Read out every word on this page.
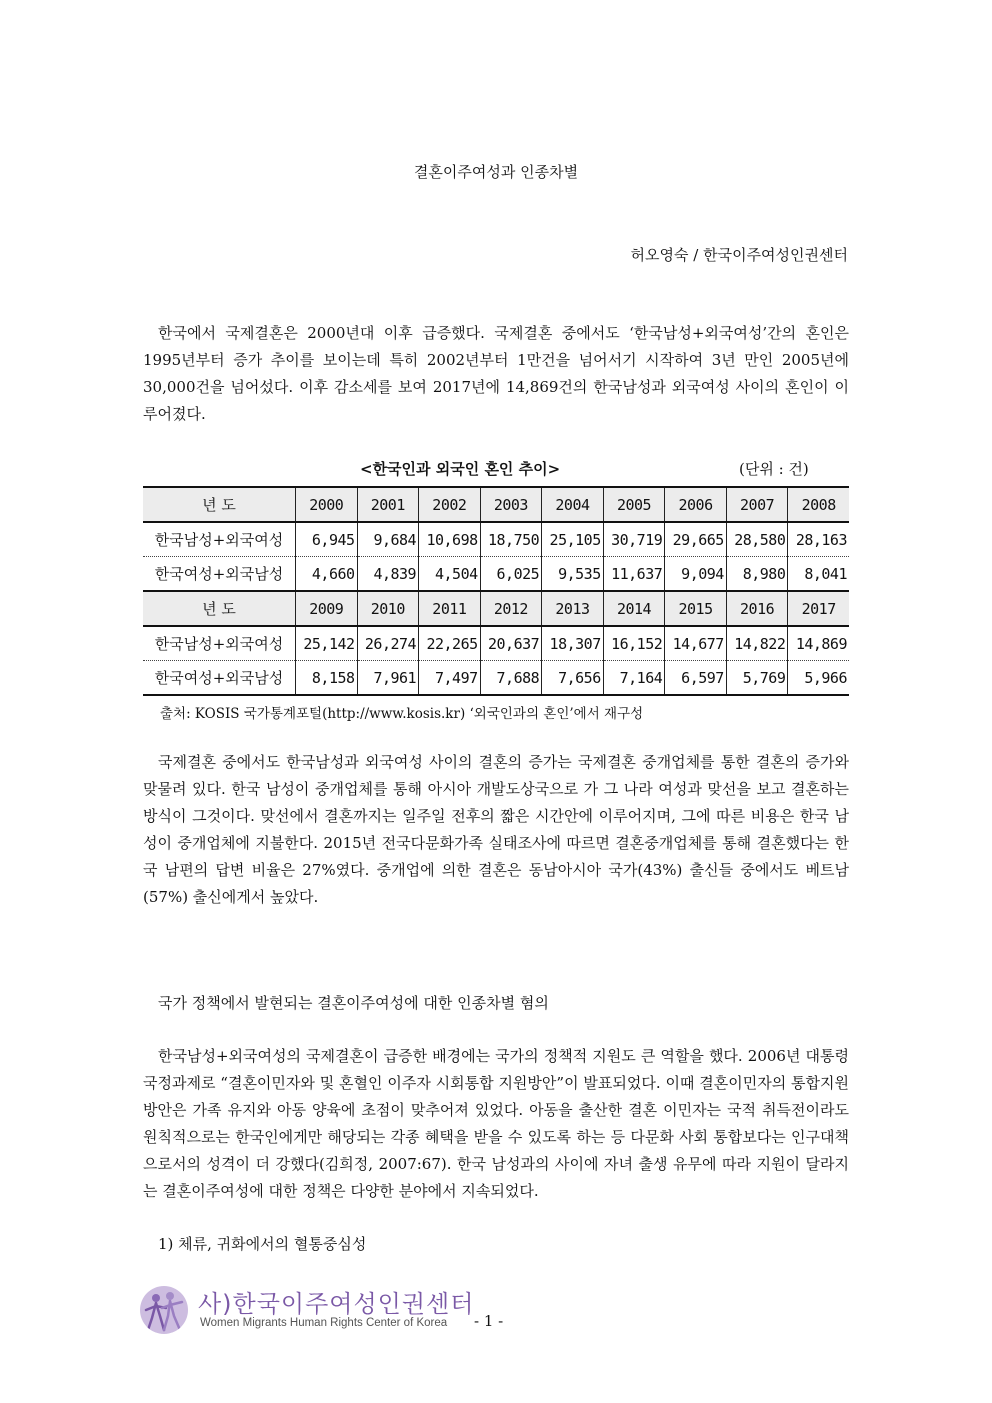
결혼이주여성과 인종차별
허오영숙 / 한국이주여성인권센터

한국에서 국제결혼은 2000년대 이후 급증했다. 국제결혼 중에서도 ‘한국남성+외국여성’간의 혼인은 1995년부터 증가 추이를 보이는데 특히 2002년부터 1만건을 넘어서기 시작하여 3년 만인 2005년에 30,000건을 넘어섰다. 이후 감소세를 보여 2017년에 14,869건의 한국남성과 외국여성 사이의 혼인이 이루어졌다.

<한국인과 외국인 혼인 추이>	(단위 : 건)
년 도	2000	2001	2002	2003	2004	2005	2006	2007	2008
한국남성+외국여성	6,945	9,684	10,698	18,750	25,105	30,719	29,665	28,580	28,163
한국여성+외국남성	4,660	4,839	4,504	6,025	9,535	11,637	9,094	8,980	8,041
년 도	2009	2010	2011	2012	2013	2014	2015	2016	2017
한국남성+외국여성	25,142	26,274	22,265	20,637	18,307	16,152	14,677	14,822	14,869
한국여성+외국남성	8,158	7,961	7,497	7,688	7,656	7,164	6,597	5,769	5,966
출처: KOSIS 국가통계포털(http://www.kosis.kr) ‘외국인과의 혼인’에서 재구성

국제결혼 중에서도 한국남성과 외국여성 사이의 결혼의 증가는 국제결혼 중개업체를 통한 결혼의 증가와 맞물려 있다. 한국 남성이 중개업체를 통해 아시아 개발도상국으로 가 그 나라 여성과 맞선을 보고 결혼하는 방식이 그것이다. 맞선에서 결혼까지는 일주일 전후의 짧은 시간안에 이루어지며, 그에 따른 비용은 한국 남성이 중개업체에 지불한다. 2015년 전국다문화가족 실태조사에 따르면 결혼중개업체를 통해 결혼했다는 한국 남편의 답변 비율은 27%였다. 중개업에 의한 결혼은 동남아시아 국가(43%) 출신들 중에서도 베트남(57%) 출신에게서 높았다.

국가 정책에서 발현되는 결혼이주여성에 대한 인종차별 혐의

한국남성+외국여성의 국제결혼이 급증한 배경에는 국가의 정책적 지원도 큰 역할을 했다. 2006년 대통령 국정과제로 “결혼이민자와 및 혼혈인 이주자 시회통합 지원방안”이 발표되었다. 이때 결혼이민자의 통합지원방안은 가족 유지와 아동 양육에 초점이 맞추어져 있었다. 아동을 출산한 결혼 이민자는 국적 취득전이라도 원칙적으로는 한국인에게만 해당되는 각종 혜택을 받을 수 있도록 하는 등 다문화 사회 통합보다는 인구대책으로서의 성격이 더 강했다(김희정, 2007:67). 한국 남성과의 사이에 자녀 출생 유무에 따라 지원이 달라지는 결혼이주여성에 대한 정책은 다양한 분야에서 지속되었다.

1) 체류, 귀화에서의 혈통중심성
사)한국이주여성인권센터
Women Migrants Human Rights Center of Korea - 1 -
